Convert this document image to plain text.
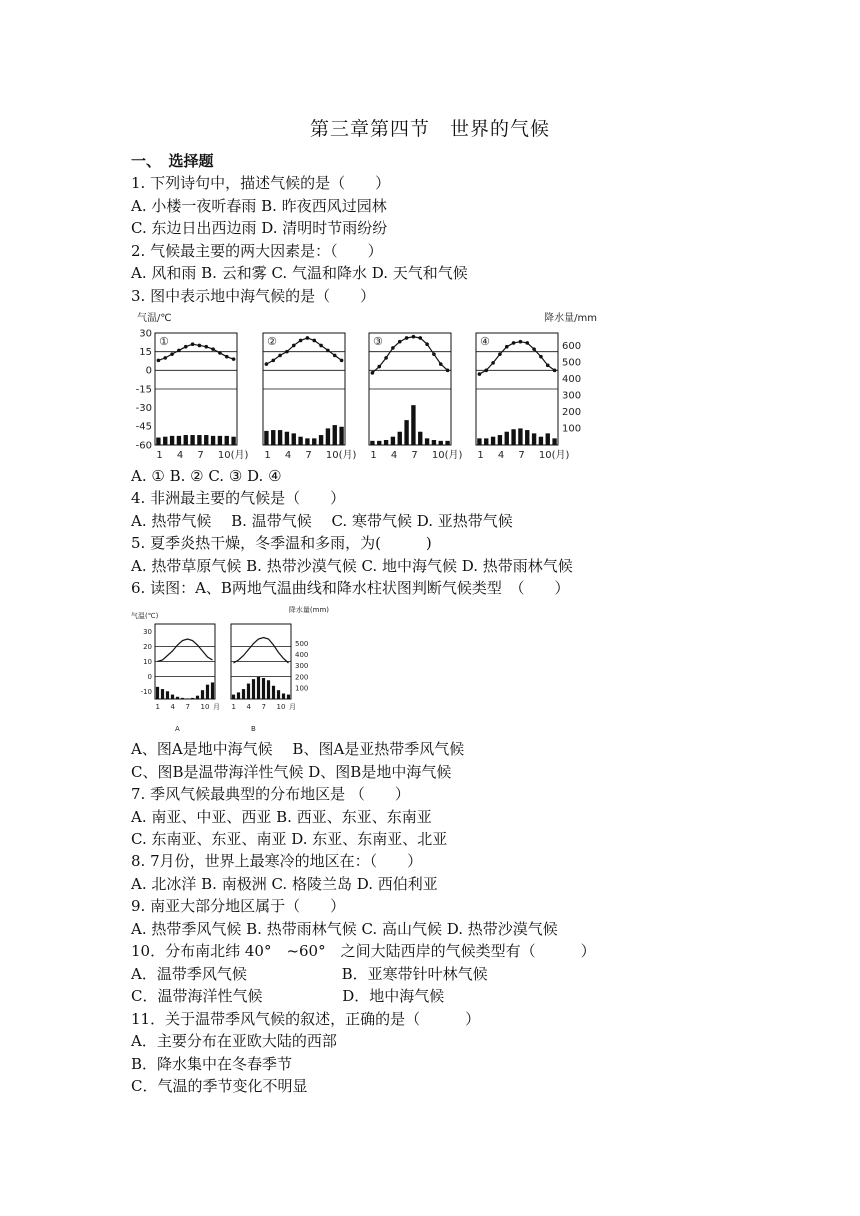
第三章第四节　世界的气候
一、　选择题
1. 下列诗句中，描述气候的是（　　）
A. 小楼一夜听春雨 B. 昨夜西风过园林
C. 东边日出西边雨 D. 清明时节雨纷纷
2. 气候最主要的两大因素是：（　　）
A. 风和雨 B. 云和雾 C. 气温和降水 D. 天气和气候
3. 图中表示地中海气候的是（　　）
气温/℃	降水量/mm
30
15
0
-15
-30
-45
-60
600
500
400
300
200
100
①
1 4 7 10(月)
②
1 4 7 10(月)
③
1 4 7 10(月)
④
1 4 7 10(月)
A. ① B. ② C. ③ D. ④
4. 非洲最主要的气候是（　　）
A. 热带气候　 B. 温带气候　 C. 寒带气候 D. 亚热带气候
5. 夏季炎热干燥，冬季温和多雨，为(　　　)
A. 热带草原气候 B. 热带沙漠气候 C. 地中海气候 D. 热带雨林气候
6. 读图：A、B两地气温曲线和降水柱状图判断气候类型　（　　）
气温(℃)
降水量(mm)
30
20
10
0
-10
500
400
300
200
100
A
1 4 7 10 月
B
1 4 7 10 月
A、图A是地中海气候　 B、图A是亚热带季风气候
C、图B是温带海洋性气候 D、图B是地中海气候
7. 季风气候最典型的分布地区是 （　　）
A. 南亚、中亚、西亚 B. 西亚、东亚、东南亚
C. 东南亚、东亚、南亚 D. 东亚、东南亚、北亚
8. 7月份，世界上最寒冷的地区在：（　　）
A. 北冰洋 B. 南极洲 C. 格陵兰岛 D. 西伯利亚
9. 南亚大部分地区属于（　　）
A. 热带季风气候 B. 热带雨林气候 C. 高山气候 D. 热带沙漠气候
10．分布南北纬 40°　~60°　之间大陆西岸的气候类型有（　　　）
A．温带季风气候　　　　　　 B．亚寒带针叶林气候
C．温带海洋性气候　　　　　 D．地中海气候
11．关于温带季风气候的叙述，正确的是（　　　）
A．主要分布在亚欧大陆的西部
B．降水集中在冬春季节
C．气温的季节变化不明显
